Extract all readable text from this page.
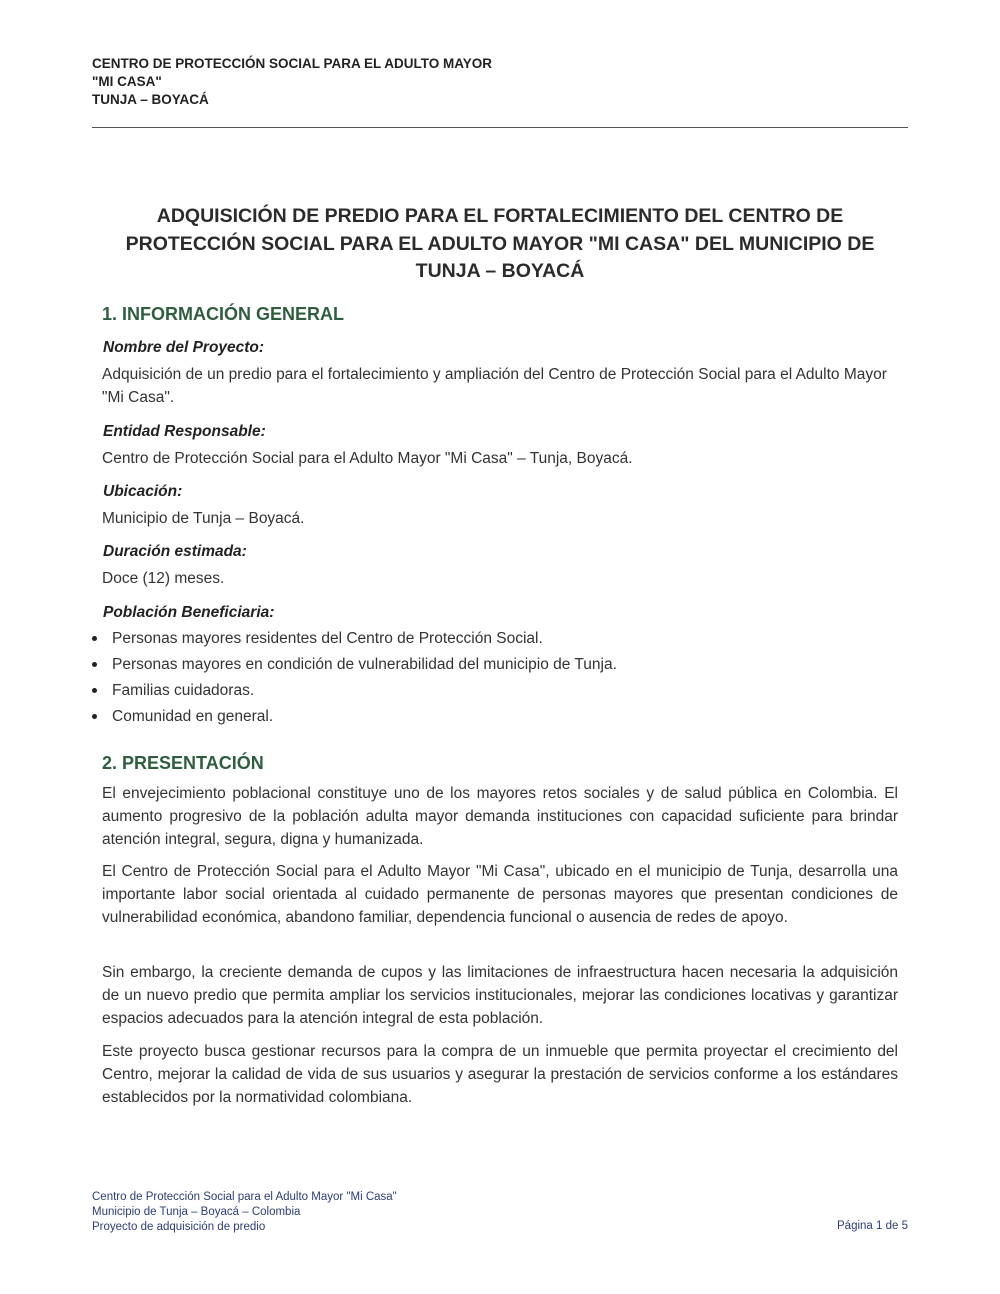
CENTRO DE PROTECCIÓN SOCIAL PARA EL ADULTO MAYOR
"MI CASA"
TUNJA – BOYACÁ
ADQUISICIÓN DE PREDIO PARA EL FORTALECIMIENTO DEL CENTRO DE
PROTECCIÓN SOCIAL PARA EL ADULTO MAYOR "MI CASA" DEL MUNICIPIO DE
TUNJA – BOYACÁ
1. INFORMACIÓN GENERAL
Nombre del Proyecto:
Adquisición de un predio para el fortalecimiento y ampliación del Centro de Protección Social para el Adulto Mayor "Mi Casa".
Entidad Responsable:
Centro de Protección Social para el Adulto Mayor "Mi Casa" – Tunja, Boyacá.
Ubicación:
Municipio de Tunja – Boyacá.
Duración estimada:
Doce (12) meses.
Población Beneficiaria:
Personas mayores residentes del Centro de Protección Social.
Personas mayores en condición de vulnerabilidad del municipio de Tunja.
Familias cuidadoras.
Comunidad en general.
2. PRESENTACIÓN
El envejecimiento poblacional constituye uno de los mayores retos sociales y de salud pública en Colombia. El aumento progresivo de la población adulta mayor demanda instituciones con capacidad suficiente para brindar atención integral, segura, digna y humanizada.
El Centro de Protección Social para el Adulto Mayor "Mi Casa", ubicado en el municipio de Tunja, desarrolla una importante labor social orientada al cuidado permanente de personas mayores que presentan condiciones de vulnerabilidad económica, abandono familiar, dependencia funcional o ausencia de redes de apoyo.
Sin embargo, la creciente demanda de cupos y las limitaciones de infraestructura hacen necesaria la adquisición de un nuevo predio que permita ampliar los servicios institucionales, mejorar las condiciones locativas y garantizar espacios adecuados para la atención integral de esta población.
Este proyecto busca gestionar recursos para la compra de un inmueble que permita proyectar el crecimiento del Centro, mejorar la calidad de vida de sus usuarios y asegurar la prestación de servicios conforme a los estándares establecidos por la normatividad colombiana.
Centro de Protección Social para el Adulto Mayor "Mi Casa"
Municipio de Tunja – Boyacá – Colombia
Proyecto de adquisición de predio	Página 1 de 5
